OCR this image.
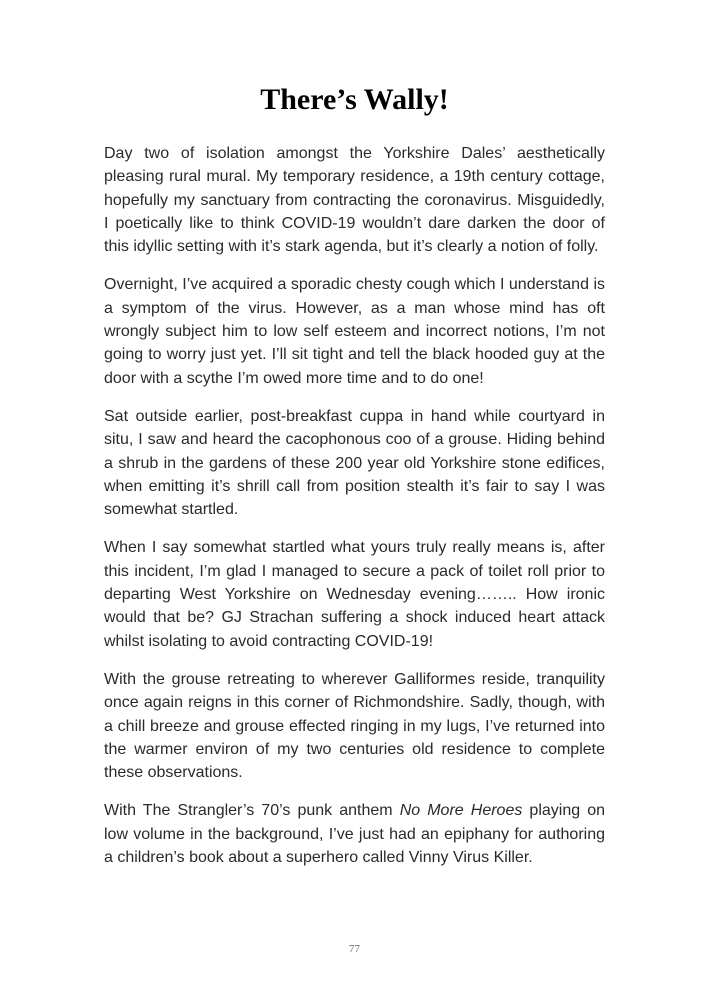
There’s Wally!

Day two of isolation amongst the Yorkshire Dales’ aesthetically pleasing rural mural. My temporary residence, a 19th century cottage, hopefully my sanctuary from contracting the coronavirus. Misguidedly, I poetically like to think COVID-19 wouldn’t dare darken the door of this idyllic setting with it’s stark agenda, but it’s clearly a notion of folly.

Overnight, I’ve acquired a sporadic chesty cough which I understand is a symptom of the virus. However, as a man whose mind has oft wrongly subject him to low self esteem and incorrect notions, I’m not going to worry just yet. I’ll sit tight and tell the black hooded guy at the door with a scythe I’m owed more time and to do one!

Sat outside earlier, post-breakfast cuppa in hand while courtyard in situ, I saw and heard the cacophonous coo of a grouse. Hiding behind a shrub in the gardens of these 200 year old Yorkshire stone edifices, when emitting it’s shrill call from position stealth it’s fair to say I was somewhat startled.

When I say somewhat startled what yours truly really means is, after this incident, I’m glad I managed to secure a pack of toilet roll prior to departing West Yorkshire on Wednesday evening…….. How ironic would that be? GJ Strachan suffering a shock induced heart attack whilst isolating to avoid contracting COVID-19!

With the grouse retreating to wherever Galliformes reside, tranquility once again reigns in this corner of Richmondshire. Sadly, though, with a chill breeze and grouse effected ringing in my lugs, I’ve returned into the warmer environ of my two centuries old residence to complete these observations.

With The Strangler’s 70’s punk anthem No More Heroes playing on low volume in the background, I’ve just had an epiphany for authoring a children’s book about a superhero called Vinny Virus Killer.

77
